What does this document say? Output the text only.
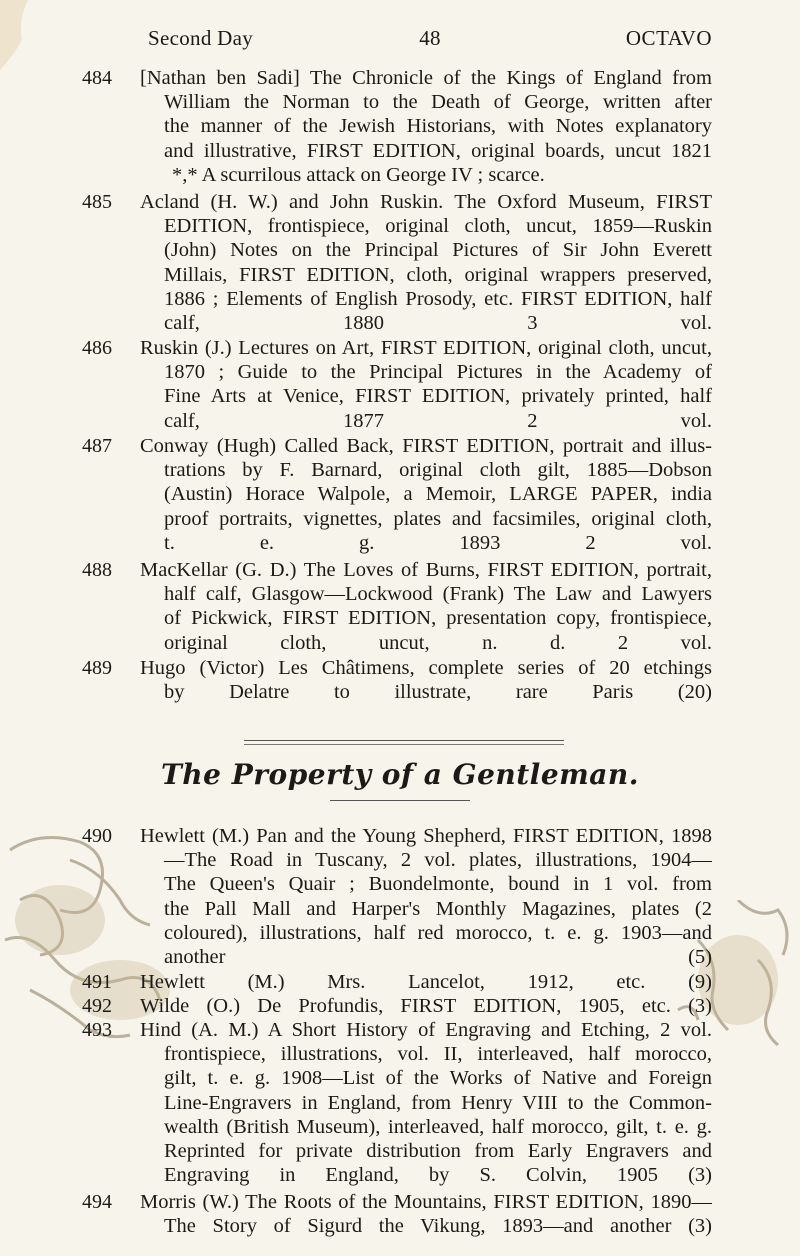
Second Day	48	OCTAVO
484	[Nathan ben Sadi] The Chronicle of the Kings of England from
William the Norman to the Death of George, written after
the manner of the Jewish Historians, with Notes explanatory
and illustrative, FIRST EDITION, original boards, uncut 1821
*,* A scurrilous attack on George IV ; scarce.
485	Acland (H. W.) and John Ruskin. The Oxford Museum, FIRST
EDITION, frontispiece, original cloth, uncut, 1859—Ruskin
(John) Notes on the Principal Pictures of Sir John Everett
Millais, FIRST EDITION, cloth, original wrappers preserved,
1886 ; Elements of English Prosody, etc. FIRST EDITION, half
calf, 1880 3 vol.
486	Ruskin (J.) Lectures on Art, FIRST EDITION, original cloth, uncut,
1870 ; Guide to the Principal Pictures in the Academy of
Fine Arts at Venice, FIRST EDITION, privately printed, half
calf, 1877 2 vol.
487	Conway (Hugh) Called Back, FIRST EDITION, portrait and illus-
trations by F. Barnard, original cloth gilt, 1885—Dobson
(Austin) Horace Walpole, a Memoir, LARGE PAPER, india
proof portraits, vignettes, plates and facsimiles, original cloth,
t. e. g. 1893 2 vol.
488	MacKellar (G. D.) The Loves of Burns, FIRST EDITION, portrait,
half calf, Glasgow—Lockwood (Frank) The Law and Lawyers
of Pickwick, FIRST EDITION, presentation copy, frontispiece,
original cloth, uncut, n. d. 2 vol.
489	Hugo (Victor) Les Châtimens, complete series of 20 etchings
by Delatre to illustrate, rare Paris (20)
The Property of a Gentleman.
490	Hewlett (M.) Pan and the Young Shepherd, FIRST EDITION, 1898
—The Road in Tuscany, 2 vol. plates, illustrations, 1904—
The Queen's Quair ; Buondelmonte, bound in 1 vol. from
the Pall Mall and Harper's Monthly Magazines, plates (2
coloured), illustrations, half red morocco, t. e. g. 1903—and
another (5)
491	Hewlett (M.) Mrs. Lancelot, 1912, etc. (9)
492	Wilde (O.) De Profundis, FIRST EDITION, 1905, etc. (3)
493	Hind (A. M.) A Short History of Engraving and Etching, 2 vol.
frontispiece, illustrations, vol. II, interleaved, half morocco,
gilt, t. e. g. 1908—List of the Works of Native and Foreign
Line-Engravers in England, from Henry VIII to the Common-
wealth (British Museum), interleaved, half morocco, gilt, t. e. g.
Reprinted for private distribution from Early Engravers and
Engraving in England, by S. Colvin, 1905 (3)
494	Morris (W.) The Roots of the Mountains, FIRST EDITION, 1890—
The Story of Sigurd the Vikung, 1893—and another (3)
